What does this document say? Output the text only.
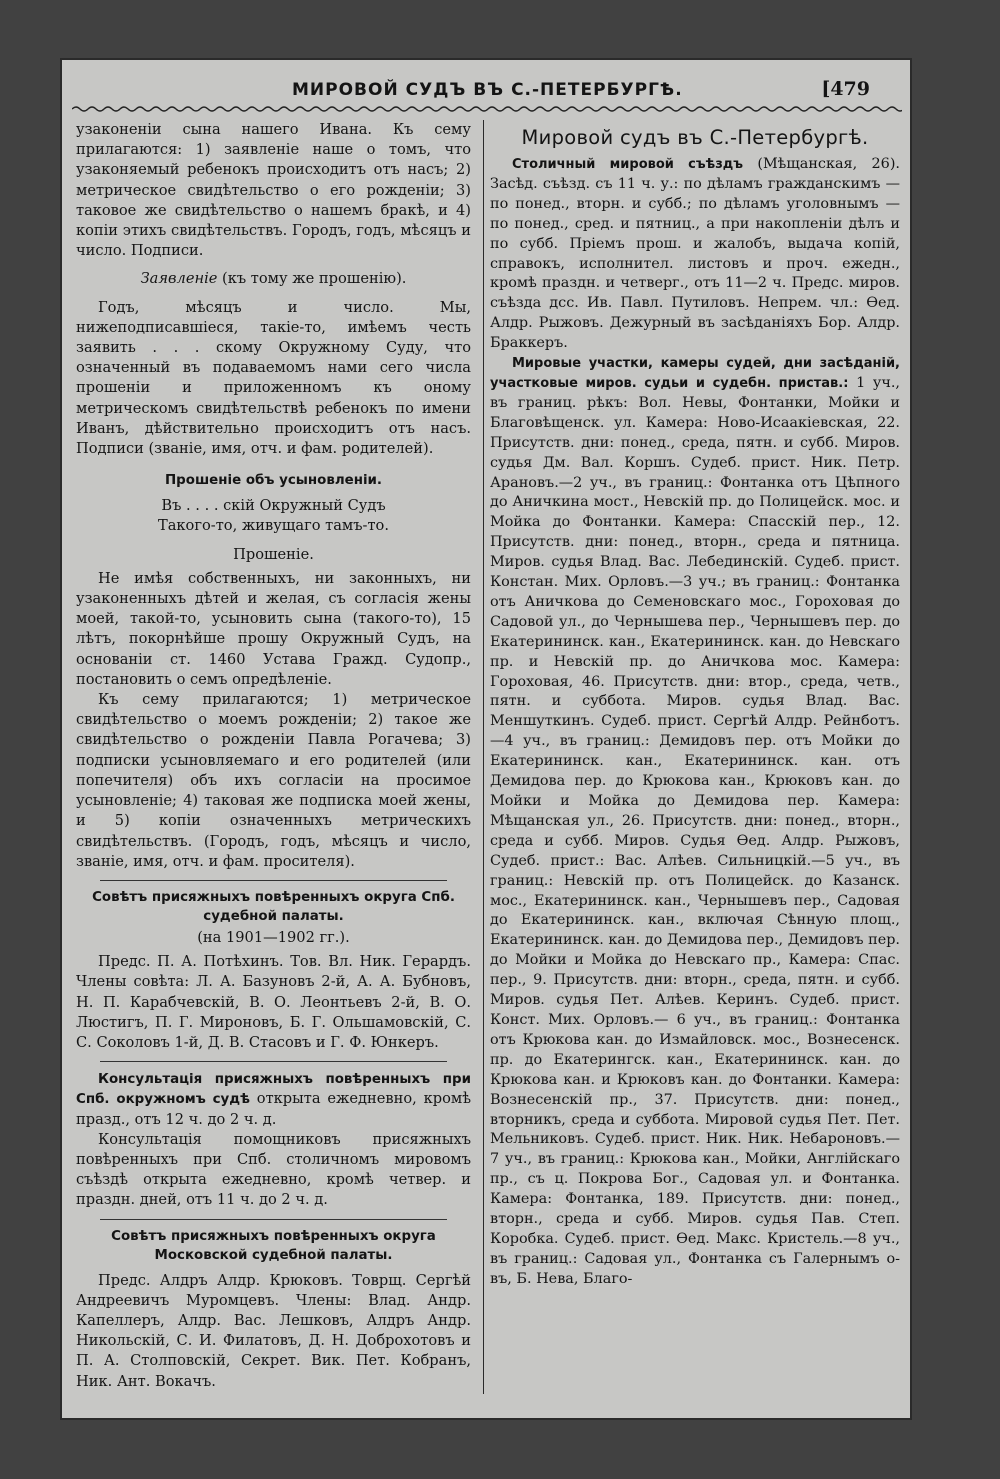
МИРОВОЙ СУДЪ ВЪ С.-ПЕТЕРБУРГѢ.	[479

узаконеніи сына нашего Ивана. Къ сему прилагаются: 1) заявленіе наше о томъ, что узаконяемый ребенокъ происходитъ отъ насъ; 2) метрическое свидѣтельство о его рожденіи; 3) таковое же свидѣтельство о нашемъ бракѣ, и 4) копіи этихъ свидѣтельствъ. Городъ, годъ, мѣсяцъ и число. Подписи.

Заявленіе (къ тому же прошенію).

Годъ, мѣсяцъ и число. Мы, нижеподписавшіеся, такіе-то, имѣемъ честь заявить . . . скому Окружному Суду, что означенный въ подаваемомъ нами сего числа прошеніи и приложенномъ къ оному метрическомъ свидѣтельствѣ ребенокъ по имени Иванъ, дѣйствительно происходитъ отъ насъ. Подписи (званіе, имя, отч. и фам. родителей).

Прошеніе объ усыновленіи.

Въ . . . . скій Окружный Судъ

Такого-то, живущаго тамъ-то.

Прошеніе.

Не имѣя собственныхъ, ни законныхъ, ни узаконенныхъ дѣтей и желая, съ согласія жены моей, такой-то, усыновить сына (такого-то), 15 лѣтъ, покорнѣйше прошу Окружный Судъ, на основаніи ст. 1460 Устава Гражд. Судопр., постановить о семъ опредѣленіе.

Къ сему прилагаются; 1) метрическое свидѣтельство о моемъ рожденіи; 2) такое же свидѣтельство о рожденіи Павла Рогачева; 3) подписки усыновляемаго и его родителей (или попечителя) объ ихъ согласіи на просимое усыновленіе; 4) таковая же подписка моей жены, и 5) копіи означенныхъ метрическихъ свидѣтельствъ. (Городъ, годъ, мѣсяцъ и число, званіе, имя, отч. и фам. просителя).

Совѣтъ присяжныхъ повѣренныхъ округа Спб. судебной палаты.

(на 1901—1902 гг.).

Предс. П. А. Потѣхинъ. Тов. Вл. Ник. Герардъ. Члены совѣта: Л. А. Базуновъ 2-й, А. А. Бубновъ, Н. П. Карабчевскій, В. О. Леонтьевъ 2-й, В. О. Люстигъ, П. Г. Мироновъ, Б. Г. Ольшамовскій, С. С. Соколовъ 1-й, Д. В. Стасовъ и Г. Ф. Юнкеръ.

Консультація присяжныхъ повѣренныхъ при Спб. окружномъ судѣ открыта ежедневно, кромѣ празд., отъ 12 ч. до 2 ч. д.

Консультація помощниковъ присяжныхъ повѣренныхъ при Спб. столичномъ мировомъ съѣздѣ открыта ежедневно, кромѣ четвер. и праздн. дней, отъ 11 ч. до 2 ч. д.

Совѣтъ присяжныхъ повѣренныхъ округа Московской судебной палаты.

Предс. Алдръ Алдр. Крюковъ. Товрщ. Сергѣй Андреевичъ Муромцевъ. Члены: Влад. Андр. Капеллеръ, Алдр. Вас. Лешковъ, Алдръ Андр. Никольскій, С. И. Филатовъ, Д. Н. Доброхотовъ и П. А. Столповскій, Секрет. Вик. Пет. Кобранъ, Ник. Ант. Вокачъ.

Мировой судъ въ С.-Петербургѣ.

Столичный мировой съѣздъ (Мѣщанская, 26). Засѣд. съѣзд. съ 11 ч. у.: по дѣламъ гражданскимъ — по понед., вторн. и субб.; по дѣламъ уголовнымъ — по понед., сред. и пятниц., а при накопленіи дѣлъ и по субб. Пріемъ прош. и жалобъ, выдача копій, справокъ, исполнител. листовъ и проч. ежедн., кромѣ праздн. и четверг., отъ 11—2 ч. Предс. миров. съѣзда дсс. Ив. Павл. Путиловъ. Непрем. чл.: Ѳед. Алдр. Рыжовъ. Дежурный въ засѣданіяхъ Бор. Алдр. Браккеръ.

Мировые участки, камеры судей, дни засѣданій, участковые миров. судьи и судебн. пристав.: 1 уч., въ границ. рѣкъ: Вол. Невы, Фонтанки, Мойки и Благовѣщенск. ул. Камера: Ново-Исаакіевская, 22. Присутств. дни: понед., среда, пятн. и субб. Миров. судья Дм. Вал. Коршъ. Судеб. прист. Ник. Петр. Арановъ.—2 уч., въ границ.: Фонтанка отъ Цѣпного до Аничкина мост., Невскій пр. до Полицейск. мос. и Мойка до Фонтанки. Камера: Спасскій пер., 12. Присутств. дни: понед., вторн., среда и пятница. Миров. судья Влад. Вас. Лебединскій. Судеб. прист. Констан. Мих. Орловъ.—3 уч.; въ границ.: Фонтанка отъ Аничкова до Семеновскаго мос., Гороховая до Садовой ул., до Чернышева пер., Чернышевъ пер. до Екатерининск. кан., Екатерининск. кан. до Невскаго пр. и Невскій пр. до Аничкова мос. Камера: Гороховая, 46. Присутств. дни: втор., среда, четв., пятн. и суббота. Миров. судья Влад. Вас. Меншуткинъ. Судеб. прист. Сергѣй Алдр. Рейнботъ.—4 уч., въ границ.: Демидовъ пер. отъ Мойки до Екатерининск. кан., Екатерининск. кан. отъ Демидова пер. до Крюкова кан., Крюковъ кан. до Мойки и Мойка до Демидова пер. Камера: Мѣщанская ул., 26. Присутств. дни: понед., вторн., среда и субб. Миров. Судья Ѳед. Алдр. Рыжовъ, Судеб. прист.: Вас. Алѣев. Сильницкій.—5 уч., въ границ.: Невскій пр. отъ Полицейск. до Казанск. мос., Екатерининск. кан., Чернышевъ пер., Садовая до Екатерининск. кан., включая Сѣнную площ., Екатерининск. кан. до Демидова пер., Демидовъ пер. до Мойки и Мойка до Невскаго пр., Камера: Спас. пер., 9. Присутств. дни: вторн., среда, пятн. и субб. Миров. судья Пет. Алѣев. Керинъ. Судеб. прист. Конст. Мих. Орловъ.— 6 уч., въ границ.: Фонтанка отъ Крюкова кан. до Измайловск. мос., Вознесенск. пр. до Екатерингск. кан., Екатерининск. кан. до Крюкова кан. и Крюковъ кан. до Фонтанки. Камера: Вознесенскій пр., 37. Присутств. дни: понед., вторникъ, среда и суббота. Мировой судья Пет. Пет. Мельниковъ. Судеб. прист. Ник. Ник. Небароновъ.—7 уч., въ границ.: Крюкова кан., Мойки, Англійскаго пр., съ ц. Покрова Бог., Садовая ул. и Фонтанка. Камера: Фонтанка, 189. Присутств. дни: понед., вторн., среда и субб. Миров. судья Пав. Степ. Коробка. Судеб. прист. Ѳед. Макс. Кристель.—8 уч., въ границ.: Садовая ул., Фонтанка съ Галернымъ о-въ, Б. Нева, Благо-
